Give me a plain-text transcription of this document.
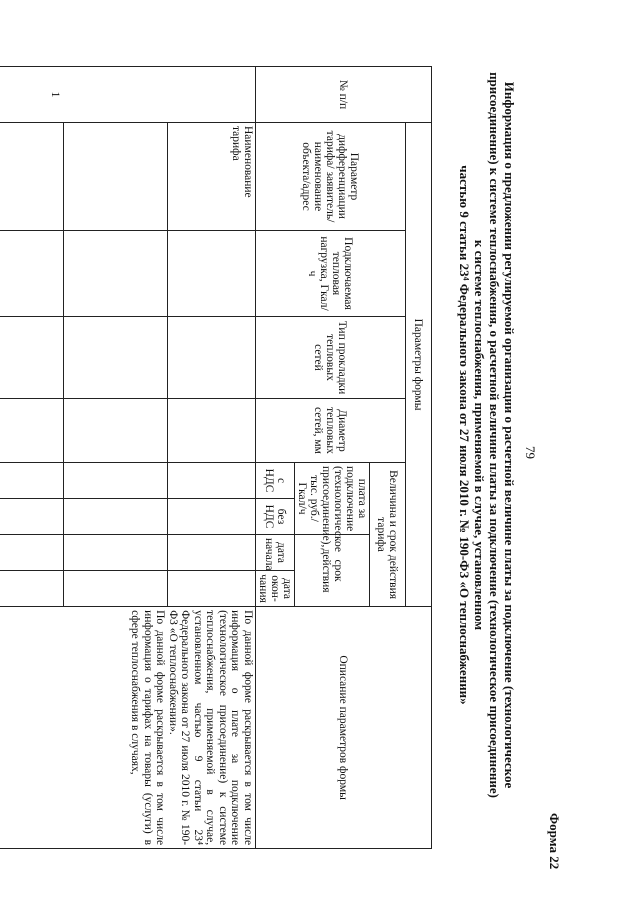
Форма 22
79
Информация о предложении регулируемой организации о расчетной величине платы за подключение (технологическое
присоединение) к системе теплоснабжения, о расчетной величине платы за подключение (технологическое присоединение)
к системе теплоснабжения, применяемой в случае, установленном
частью 9 статьи 23⁴ Федерального закона от 27 июля 2010 г. № 190-ФЗ «О теплоснабжении»
№ п/п	Параметры формы								Описание параметров формы
	Параметр дифференциации тарифа/ заявитель/ наименование объекта/адрес	Подключаемая тепловая нагрузка, Гкал/ч	Тип прокладки тепловых сетей	Диаметр тепловых сетей, мм	Величина и срок действия тарифа				
					плата за подключение (технологическое присоединение), тыс. руб./Гкал/ч		срок действия		
					с НДС	без НДС	дата начала	дата окон-чания	
1	Наименование тарифа								По данной форме раскрывается в том числе информация о плате за подключение (технологическое присоединение) к системе теплоснабжения, применяемой в случае, установленном частью 9 статьи 23⁴ Федерального закона от 27 июля 2010 г. № 190-ФЗ «О теплоснабжении».
По данной форме раскрывается в том числе информация о тарифах на товары (услуги) в сфере теплоснабжения в случаях,
